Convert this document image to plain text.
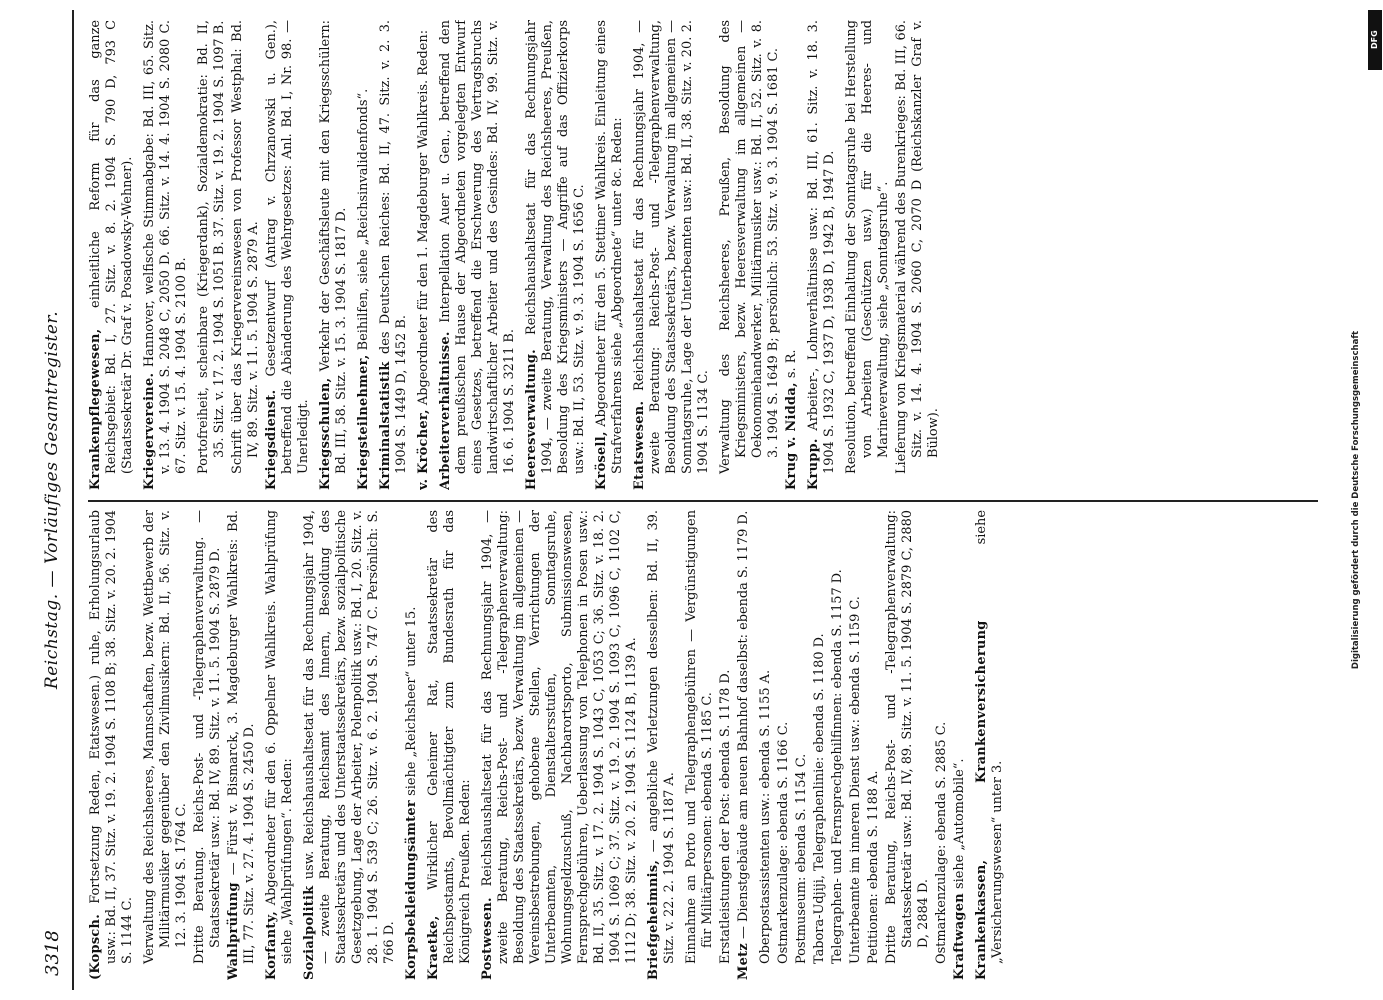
3318
Reichstag. — Vorläufiges Gesamtregister.

(Kopsch. Fortsetzung Reden, Etatswesen.) ruhe, Erholungsurlaub usw.: Bd. II, 37. Sitz. v. 19. 2. 1904 S. 1108 B; 38. Sitz. v. 20. 2. 1904 S. 1144 C. Verwaltung des Reichsheeres, Mannschaften, bezw. Wettbewerb der Militärmusiker gegenüber den Zivilmusikern: Bd. II, 56. Sitz. v. 12. 3. 1904 S. 1764 C. Dritte Beratung. Reichs-Post- und -Telegraphenverwaltung. — Staatssekretär usw.: Bd. IV, 89. Sitz. v. 11. 5. 1904 S. 2879 D. Wahlprüfung — Fürst v. Bismarck, 3. Magdeburger Wahlkreis: Bd. III, 77. Sitz. v. 27. 4. 1904 S. 2450 D. Korfanty, Abgeordneter für den 6. Oppelner Wahlkreis. Wahlprüfung siehe „Wahlprüfungen“. Reden: Sozialpolitik usw. Reichshaushaltsetat für das Rechnungsjahr 1904, — zweite Beratung, Reichsamt des Innern, Besoldung des Staatssekretärs und des Unterstaatssekretärs, bezw. sozialpolitische Gesetzgebung, Lage der Arbeiter, Polenpolitik usw.: Bd. I, 20. Sitz. v. 28. 1. 1904 S. 539 C; 26. Sitz. v. 6. 2. 1904 S. 747 C. Persönlich: S. 766 D. Korpsbekleidungsämter siehe „Reichsheer“ unter 15.

Kraetke, Wirklicher Geheimer Rat, Staatssekretär des Reichspostamts, Bevollmächtigter zum Bundesrath für das Königreich Preußen. Reden: Postwesen. Reichshaushaltsetat für das Rechnungsjahr 1904, — zweite Beratung, Reichs-Post- und -Telegraphenverwaltung: Besoldung des Staatssekretärs, bezw. Verwaltung im allgemeinen — Vereinsbestrebungen, gehobene Stellen, Verrichtungen der Unterbeamten, Dienstaltersstufen, Sonntagsruhe, Wohnungsgeldzuschuß, Nachbarortsporto, Submissionswesen, Fernsprechgebühren, Ueberlassung von Telephonen in Posen usw.: Bd. II, 35. Sitz. v. 17. 2. 1904 S. 1043 C, 1053 C; 36. Sitz. v. 18. 2. 1904 S. 1069 C; 37. Sitz. v. 19. 2. 1904 S. 1093 C, 1096 C, 1102 C, 1112 D; 38. Sitz. v. 20. 2. 1904 S. 1124 B, 1139 A. Briefgeheimnis, — angebliche Verletzungen desselben: Bd. II, 39. Sitz. v. 22. 2. 1904 S. 1187 A. Einnahme an Porto und Telegraphengebühren — Vergünstigungen für Militärpersonen: ebenda S. 1185 C. Erstatleistungen der Post: ebenda S. 1178 D. Metz — Dienstgebäude am neuen Bahnhof daselbst: ebenda S. 1179 D. Oberpostassistenten usw.: ebenda S. 1155 A. Ostmarkenzulage: ebenda S. 1166 C. Postmuseum: ebenda S. 1154 C. Tabora-Udjiji, Telegraphenlinie: ebenda S. 1180 D. Telegraphen- und Fernsprechgehilfinnen: ebenda S. 1157 D. Unterbeamte im inneren Dienst usw.: ebenda S. 1159 C. Petitionen: ebenda S. 1188 A. Dritte Beratung, Reichs-Post- und -Telegraphenverwaltung: Staatssekretär usw.: Bd. IV, 89. Sitz. v. 11. 5. 1904 S. 2879 C, 2880 D, 2884 D. Ostmarkenzulage: ebenda S. 2885 C. Kraftwagen siehe „Automobile“. Krankenkassen, Krankenversicherung siehe „Versicherungswesen“ unter 3.

Krankenpflegewesen, einheitliche Reform für das ganze Reichsgebiet: Bd. I, 27. Sitz. v. 8. 2. 1904 S. 790 D, 793 C (Staatssekretär Dr. Graf v. Posadowsky-Wehner). Kriegervereine. Hannover, welfische Stimmabgabe: Bd. III, 65. Sitz. v. 13. 4. 1904 S. 2048 C, 2050 D. 66. Sitz. v. 14. 4. 1904 S. 2080 C. 67. Sitz. v. 15. 4. 1904 S. 2100 B. Portofreiheit, scheinbare (Kriegerdank), Sozialdemokratie: Bd. II, 35. Sitz. v. 17. 2. 1904 S. 1051 B. 37. Sitz. v. 19. 2. 1904 S. 1097 B. Schrift über das Kriegervereinswesen von Professor Westphal: Bd. IV, 89. Sitz. v. 11. 5. 1904 S. 2879 A. Kriegsdienst. Gesetzentwurf (Antrag v. Chrzanowski u. Gen.), betreffend die Abänderung des Wehrgesetzes: Anl. Bd. I, Nr. 98. — Unerledigt. Kriegsschulen, Verkehr der Geschäftsleute mit den Kriegsschülern: Bd. III, 58. Sitz. v. 15. 3. 1904 S. 1817 D. Kriegsteilnehmer, Beihilfen, siehe „Reichsinvalidenfonds“.

Kriminalstatistik des Deutschen Reiches: Bd. II, 47. Sitz. v. 2. 3. 1904 S. 1449 D, 1452 B. v. Kröcher, Abgeordneter für den 1. Magdeburger Wahlkreis. Reden:

Arbeiterverhältnisse. Interpellation Auer u. Gen., betreffend den dem preußischen Hause der Abgeordneten vorgelegten Entwurf eines Gesetzes, betreffend die Erschwerung des Vertragsbruchs landwirtschaftlicher Arbeiter und des Gesindes: Bd. IV, 99. Sitz. v. 16. 6. 1904 S. 3211 B. Heeresverwaltung. Reichshaushaltsetat für das Rechnungsjahr 1904, — zweite Beratung, Verwaltung des Reichsheeres, Preußen, Besoldung des Kriegsministers — Angriffe auf das Offizierkorps usw.: Bd. II, 53. Sitz. v. 9. 3. 1904 S. 1656 C. Krösell, Abgeordneter für den 5. Stettiner Wahlkreis. Einleitung eines Strafverfahrens siehe „Abgeordnete“ unter 8c. Reden: Etatswesen. Reichshaushaltsetat für das Rechnungsjahr 1904, — zweite Beratung: Reichs-Post- und -Telegraphenverwaltung, Besoldung des Staatssekretärs, bezw. Verwaltung im allgemeinen — Sonntagsruhe, Lage der Unterbeamten usw.: Bd. II, 38. Sitz. v. 20. 2. 1904 S. 1134 C. Verwaltung des Reichsheeres, Preußen, Besoldung des Kriegsministers, bezw. Heeresverwaltung im allgemeinen — Oekonomiehandwerker, Militärmusiker usw.: Bd. II, 52. Sitz. v. 8. 3. 1904 S. 1649 B; persönlich: 53. Sitz. v. 9. 3. 1904 S. 1681 C. Krug v. Nidda, s. R.

Krupp. Arbeiter-, Lohnverhältnisse usw.: Bd. III, 61. Sitz. v. 18. 3. 1904 S. 1932 C, 1937 D, 1938 D, 1942 B, 1947 D. Resolution, betreffend Einhaltung der Sonntagsruhe bei Herstellung von Arbeiten (Geschützen usw.) für die Heeres- und Marineverwaltung, siehe „Sonntagsruhe“. Lieferung von Kriegsmaterial während des Burenkrieges: Bd. III, 66. Sitz. v. 14. 4. 1904 S. 2060 C, 2070 D (Reichskanzler Graf v. Bülow).	Digitalisierung gefördert durch die Deutsche Forschungsgemeinschaft
DFG
